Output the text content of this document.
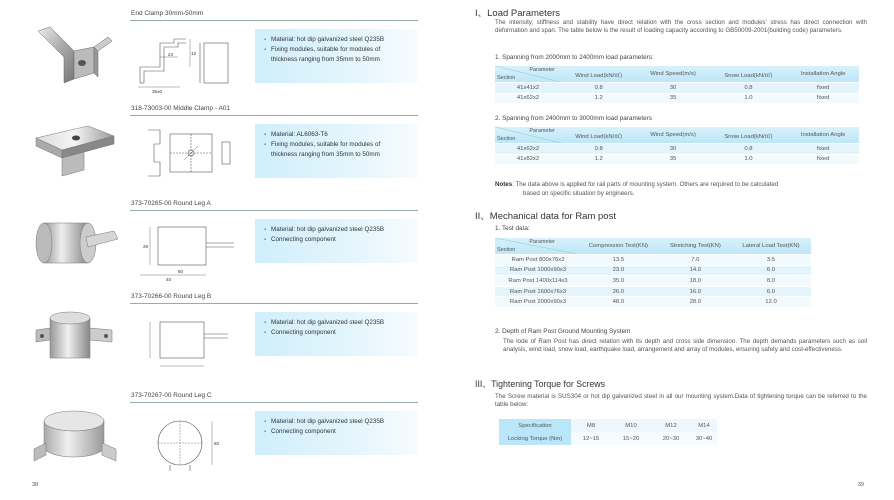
End Clamp 30mm-50mm
24	12
36±0
▪ Material: hot dip galvanized steel Q235B
▪ Fixing modules, suitable for modules of
thickness ranging from 35mm to 50mm
318-73003-00 Middle Clamp - A01
▪ Material: AL6063-T6
▪ Fixing modules, suitable for modules of
thickness ranging from 35mm to 50mm
373-70265-00 Round Leg A
28
60
40
▪ Material: hot dip galvanized steel Q235B
▪ Connecting component
373-70266-00 Round Leg B
▪ Material: hot dip galvanized steel Q235B
▪ Connecting component
373-70267-00 Round Leg C
60
▪ Material: hot dip galvanized steel Q235B
▪ Connecting component
38
I、Load Parameters
The intensity, stiffness and stability have direct relation with the cross section and modules’ stress has direct connection with deformation and span. The table below is the result of loading capacity according to GB50009-2001(building code) parameters.
1. Spanning from 2000mm to 2400mm load parameters:
Parameter
Section	Wind Load(kN/㎡)	Wind Speed(m/s)	Snow Load(kN/㎡)	Installation Angle
41x41x2	0.8	30	0.8	fixed
41x62x2	1.2	35	1.0	fixed
2. Spanning from 2400mm to 3000mm load parameters
Parameter
Section	Wind Load(kN/㎡)	Wind Speed(m/s)	Snow Load(kN/㎡)	Installation Angle
41x62x2	0.8	30	0.8	fixed
41x82x2	1.2	35	1.0	fixed
Notes: The data above is applied for rail parts of mounting system. Others are required to be calculated
based on specific situation by engineers.
II、Mechanical data for Ram post
1. Test data:
Parameter
Section	Compression Test(KN)	Stretching Test(KN)	Lateral Load Test(KN)
Ram Post 800x76x2	13.5	7.0	3.5
Ram Post 1000x90x3	23.0	14.0	6.0
Ram Post 1400x114x3	35.0	18.0	8.0
Ram Post 1600x76x3	26.0	16.0	6.0
Ram Post 2000x90x3	48.0	28.0	12.0
2. Depth of Ram Post Ground Mounting System
The lode of Ram Post has direct relation with its depth and cross side dimension. The depth demands parameters such as soil analysis, wind load, snow load, earthquake load, arrangement and array of modules, ensuring safety and cost-effectiveness.
III、Tightening Torque for Screws
The Screw material is SUS304 or hot dip galvanized steel in all our mounting system.Data of tightening torque can be referred to the table below:
Specification	M8	M10	M12	M14
Locking Torque (Nm)	12~15	15~20	20~30	30~40
39
